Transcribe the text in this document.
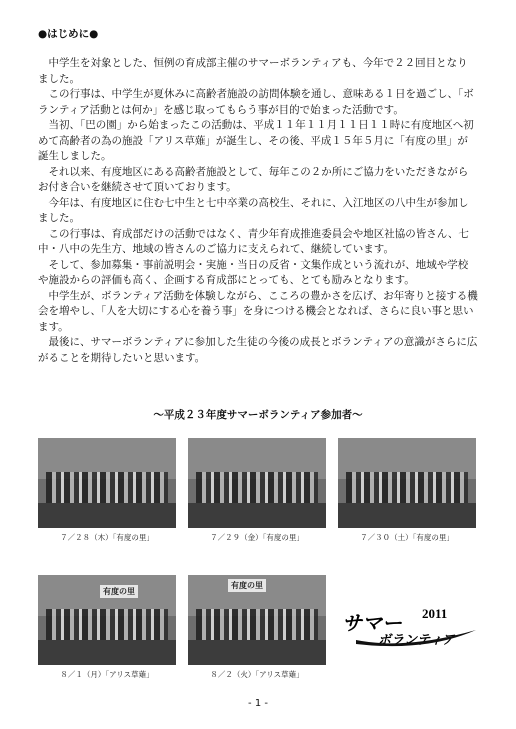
●はじめに●

中学生を対象とした、恒例の育成部主催のサマーボランティアも、今年で２２回目となりました。

この行事は、中学生が夏休みに高齢者施設の訪問体験を通し、意味ある１日を過ごし、「ボランティア活動とは何か」を感じ取ってもらう事が目的で始まった活動です。

当初、「巴の園」から始まったこの活動は、平成１１年１１月１１日１１時に有度地区へ初めて高齢者の為の施設「アリス草薙」が誕生し、その後、平成１５年５月に「有度の里」が誕生しました。

それ以来、有度地区にある高齢者施設として、毎年この２か所にご協力をいただきながらお付き合いを継続させて頂いております。

今年は、有度地区に住む七中生と七中卒業の高校生、それに、入江地区の八中生が参加しました。

この行事は、育成部だけの活動ではなく、青少年育成推進委員会や地区社協の皆さん、七中・八中の先生方、地域の皆さんのご協力に支えられて、継続しています。

そして、参加募集・事前説明会・実施・当日の反省・文集作成という流れが、地域や学校や施設からの評価も高く、企画する育成部にとっても、とても励みとなります。

中学生が、ボランティア活動を体験しながら、こころの豊かさを広げ、お年寄りと接する機会を増やし、「人を大切にする心を養う事」を身につける機会となれば、さらに良い事と思います。

最後に、サマーボランティアに参加した生徒の今後の成長とボランティアの意識がさらに広がることを期待したいと思います。

～平成２３年度サマーボランティア参加者～
７／２８（木）「有度の里」	７／２９（金）「有度の里」	７／３０（土）「有度の里」
有度の里
８／１（月）「アリス草薙」
有度の里
８／２（火）「アリス草薙」
2011
サマー
ボランティア
- 1 -
